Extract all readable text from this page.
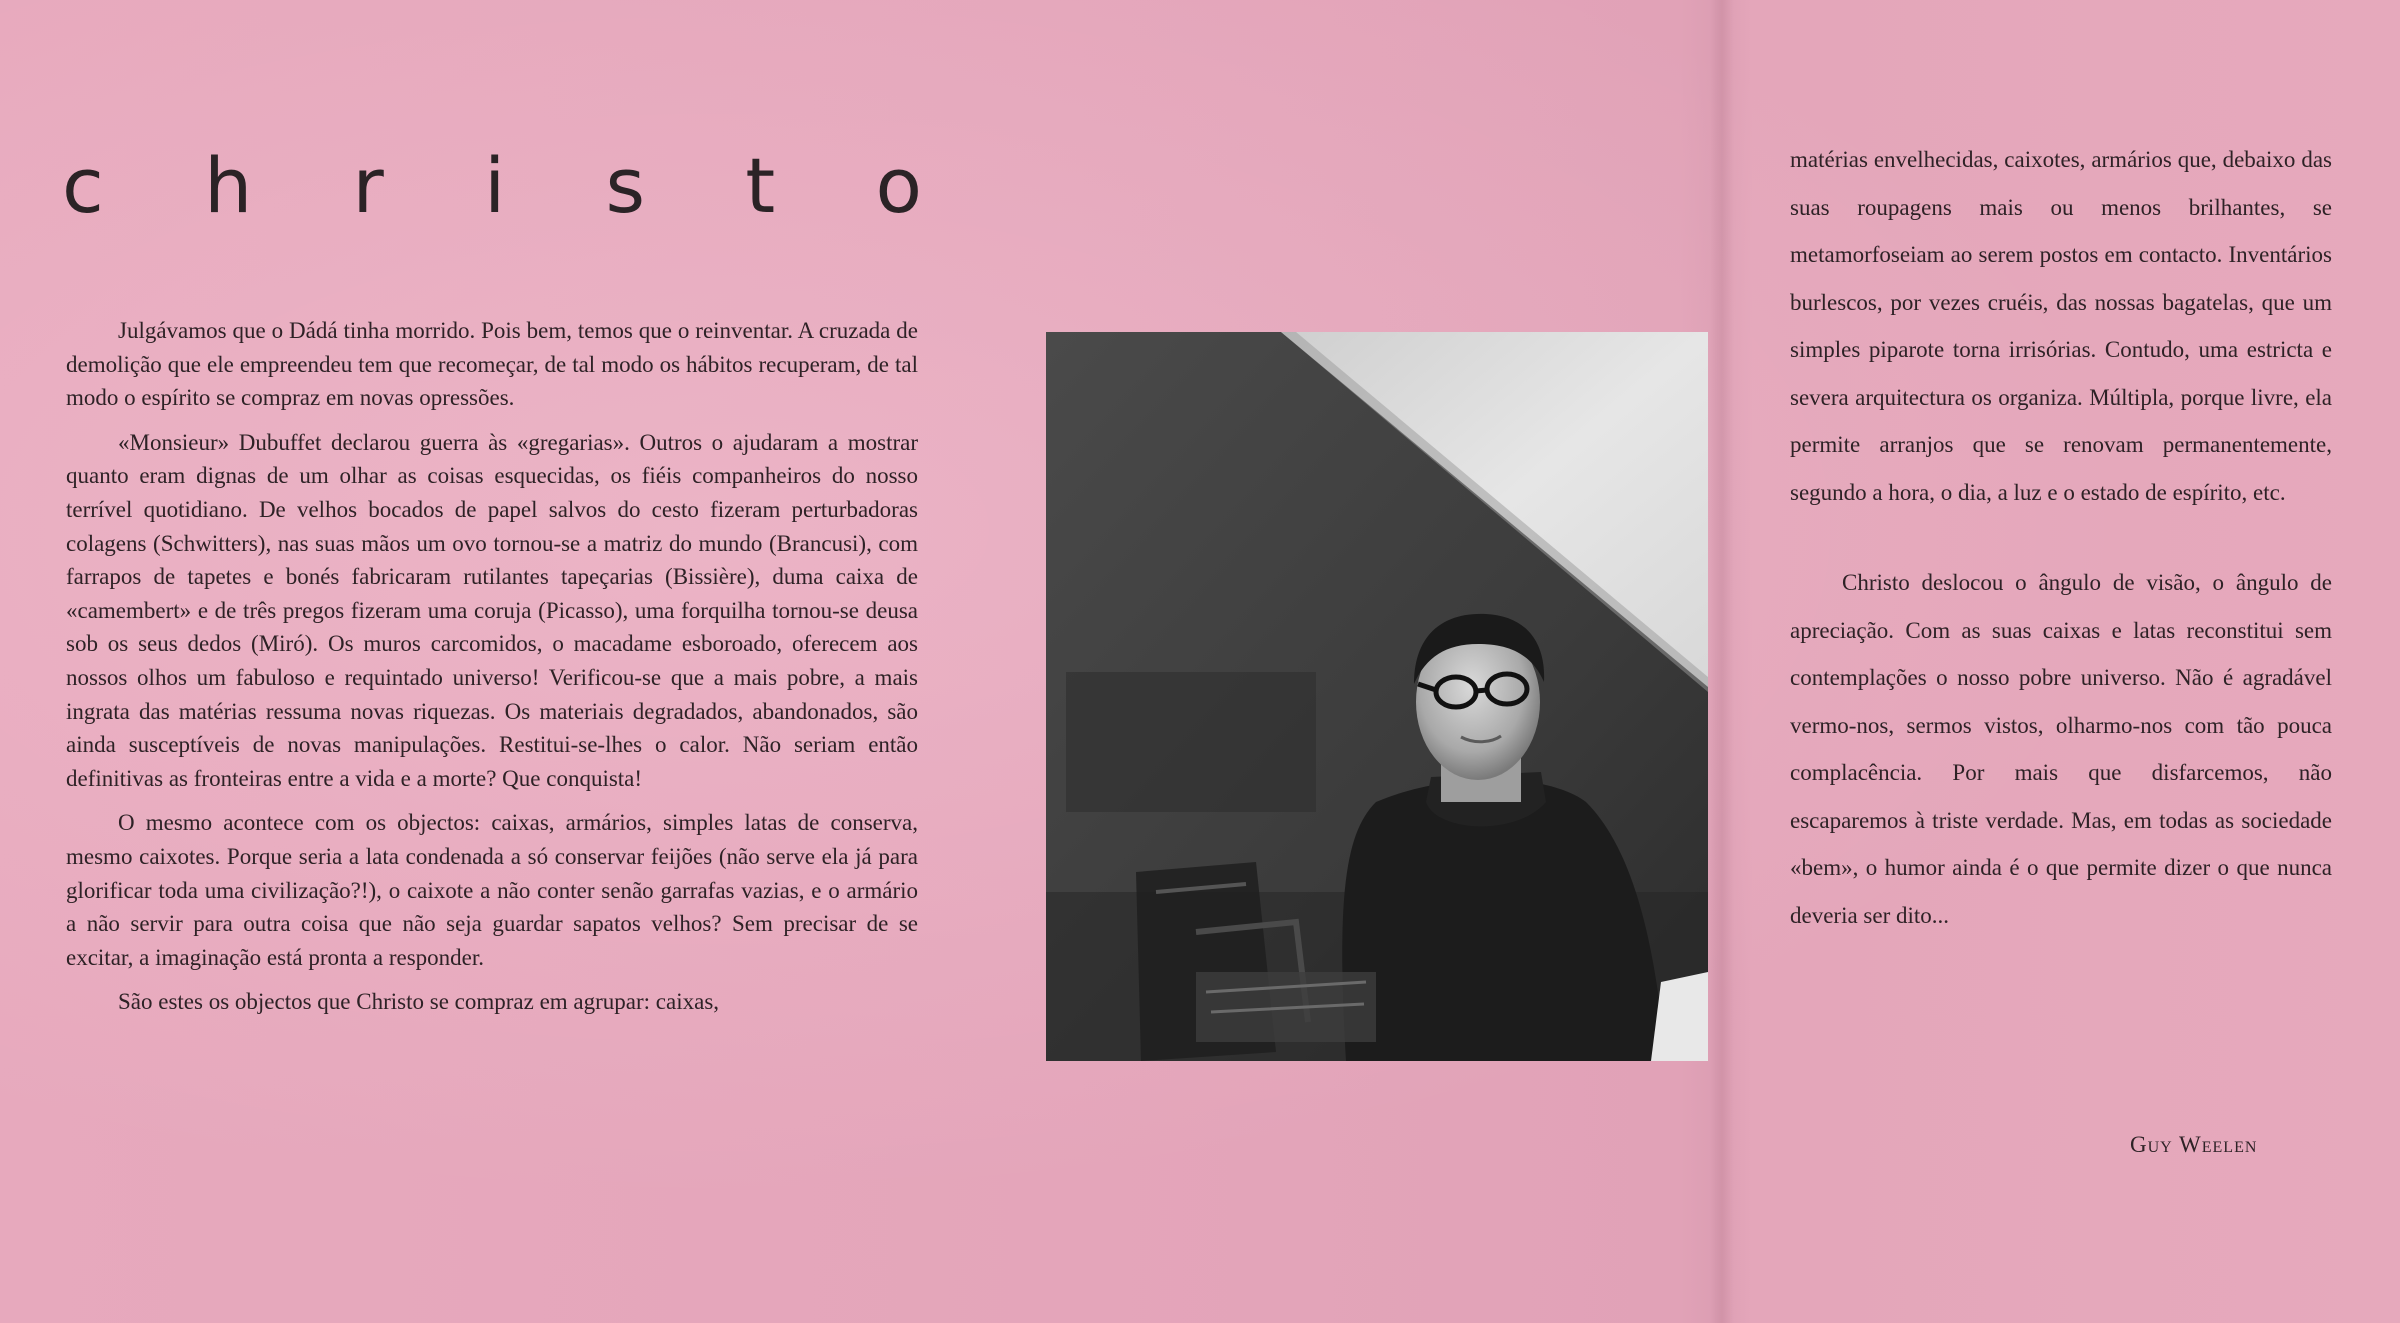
c h r i s t o

Julgávamos que o Dádá tinha morrido. Pois bem, temos que o reinventar. A cruzada de demolição que ele empreendeu tem que recomeçar, de tal modo os hábitos recuperam, de tal modo o espírito se compraz em novas opressões.

«Monsieur» Dubuffet declarou guerra às «gregarias». Outros o ajudaram a mostrar quanto eram dignas de um olhar as coisas esquecidas, os fiéis companheiros do nosso terrível quotidiano. De velhos bocados de papel salvos do cesto fizeram perturbadoras colagens (Schwitters), nas suas mãos um ovo tornou-se a matriz do mundo (Brancusi), com farrapos de tapetes e bonés fabricaram rutilantes tapeçarias (Bissière), duma caixa de «camembert» e de três pregos fizeram uma coruja (Picasso), uma forquilha tornou-se deusa sob os seus dedos (Miró). Os muros carcomidos, o macadame esboroado, oferecem aos nossos olhos um fabuloso e requintado universo! Verificou-se que a mais pobre, a mais ingrata das matérias ressuma novas riquezas. Os materiais degradados, abandonados, são ainda susceptíveis de novas manipulações. Restitui-se-lhes o calor. Não seriam então definitivas as fronteiras entre a vida e a morte? Que conquista!

O mesmo acontece com os objectos: caixas, armários, simples latas de conserva, mesmo caixotes. Porque seria a lata condenada a só conservar feijões (não serve ela já para glorificar toda uma civilização?!), o caixote a não conter senão garrafas vazias, e o armário a não servir para outra coisa que não seja guardar sapatos velhos? Sem precisar de se excitar, a imaginação está pronta a responder.

São estes os objectos que Christo se compraz em agrupar: caixas,

matérias envelhecidas, caixotes, armários que, debaixo das suas roupagens mais ou menos brilhantes, se metamorfoseiam ao serem postos em contacto. Inventários burlescos, por vezes cruéis, das nossas bagatelas, que um simples piparote torna irrisórias. Contudo, uma estricta e severa arquitectura os organiza. Múltipla, porque livre, ela permite arranjos que se renovam permanentemente, segundo a hora, o dia, a luz e o estado de espírito, etc.

Christo deslocou o ângulo de visão, o ângulo de apreciação. Com as suas caixas e latas reconstitui sem contemplações o nosso pobre universo. Não é agradável vermo-nos, sermos vistos, olharmo-nos com tão pouca complacência. Por mais que disfarcemos, não escaparemos à triste verdade. Mas, em todas as sociedade «bem», o humor ainda é o que permite dizer o que nunca deveria ser dito...

Guy Weelen
